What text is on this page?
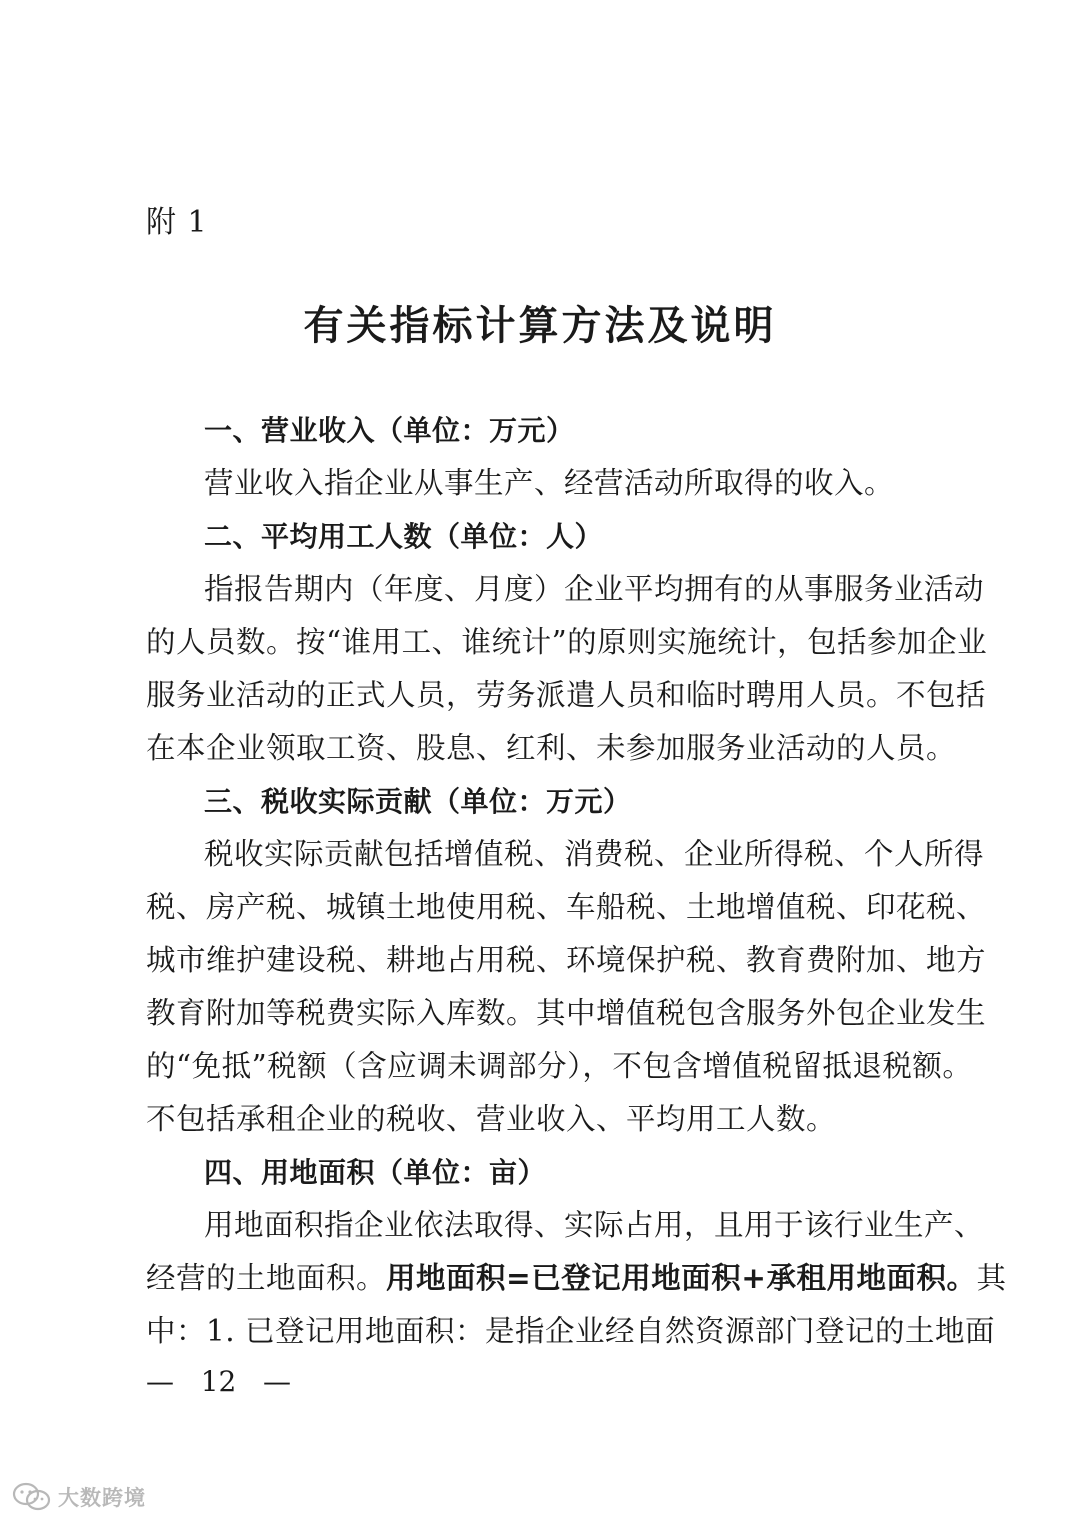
附 1
有关指标计算方法及说明
一、营业收入（单位：万元）
营业收入指企业从事生产、经营活动所取得的收入。
二、平均用工人数（单位：人）
指报告期内（年度、月度）企业平均拥有的从事服务业活动
的人员数。按“谁用工、谁统计”的原则实施统计，包括参加企业
服务业活动的正式人员，劳务派遣人员和临时聘用人员。不包括
在本企业领取工资、股息、红利、未参加服务业活动的人员。
三、税收实际贡献（单位：万元）
税收实际贡献包括增值税、消费税、企业所得税、个人所得
税、房产税、城镇土地使用税、车船税、土地增值税、印花税、
城市维护建设税、耕地占用税、环境保护税、教育费附加、地方
教育附加等税费实际入库数。其中增值税包含服务外包企业发生
的“免抵”税额（含应调未调部分），不包含增值税留抵退税额。
不包括承租企业的税收、营业收入、平均用工人数。
四、用地面积（单位：亩）
用地面积指企业依法取得、实际占用，且用于该行业生产、
经营的土地面积。用地面积=已登记用地面积+承租用地面积。其
中：1. 已登记用地面积：是指企业经自然资源部门登记的土地面
—   12   —
大数跨境
